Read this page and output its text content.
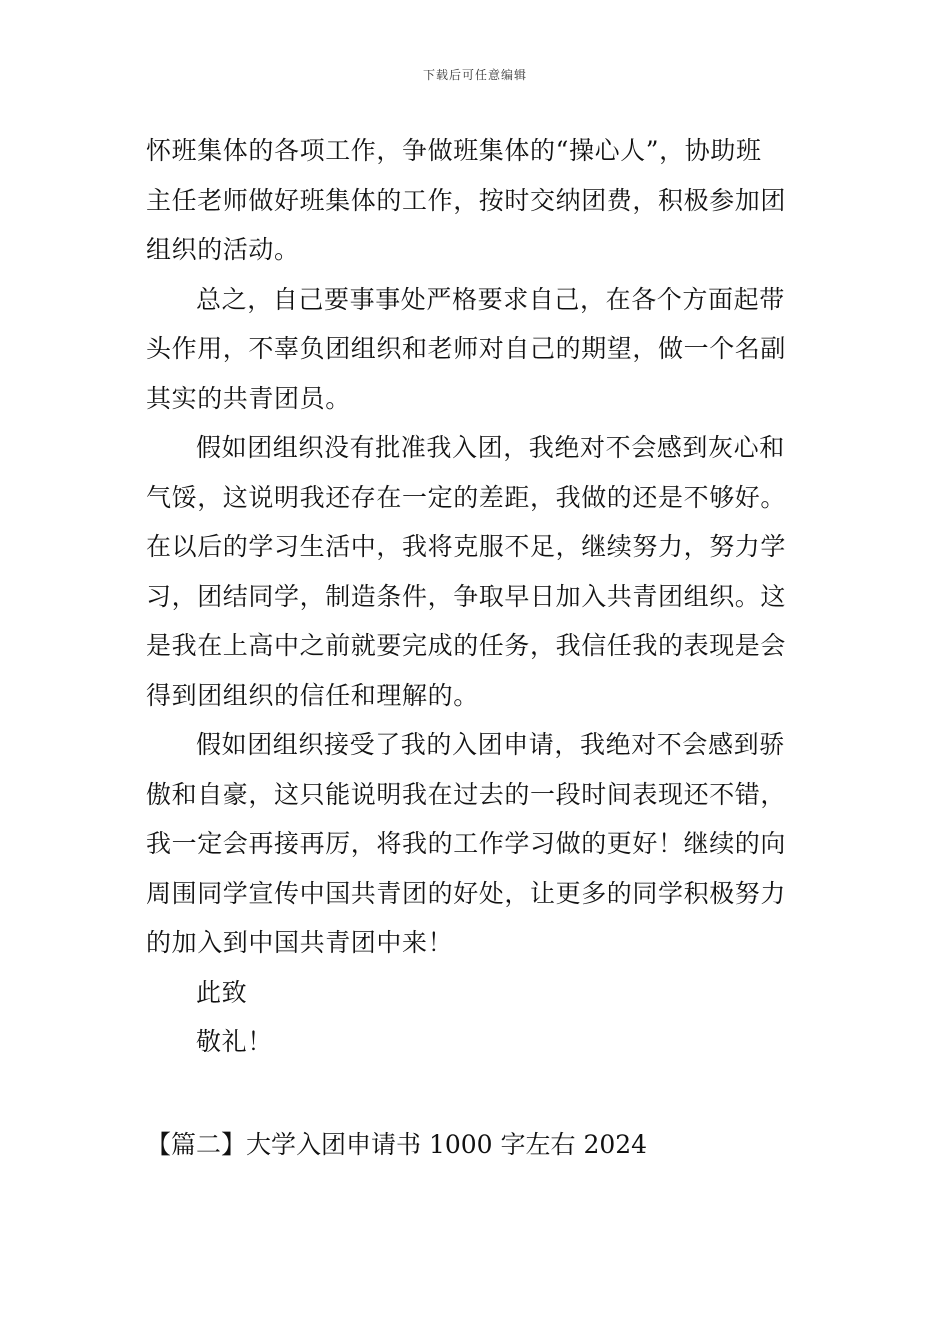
下载后可任意编辑
怀班集体的各项工作，争做班集体的“操心人”，协助班
主任老师做好班集体的工作，按时交纳团费，积极参加团
组织的活动。
总之，自己要事事处严格要求自己，在各个方面起带
头作用，不辜负团组织和老师对自己的期望，做一个名副
其实的共青团员。
假如团组织没有批准我入团，我绝对不会感到灰心和
气馁，这说明我还存在一定的差距，我做的还是不够好。
在以后的学习生活中，我将克服不足，继续努力，努力学
习，团结同学，制造条件，争取早日加入共青团组织。这
是我在上高中之前就要完成的任务，我信任我的表现是会
得到团组织的信任和理解的。
假如团组织接受了我的入团申请，我绝对不会感到骄
傲和自豪，这只能说明我在过去的一段时间表现还不错，
我一定会再接再厉，将我的工作学习做的更好！继续的向
周围同学宣传中国共青团的好处，让更多的同学积极努力
的加入到中国共青团中来！
此致
敬礼！
【篇二】大学入团申请书 1000 字左右 2024
